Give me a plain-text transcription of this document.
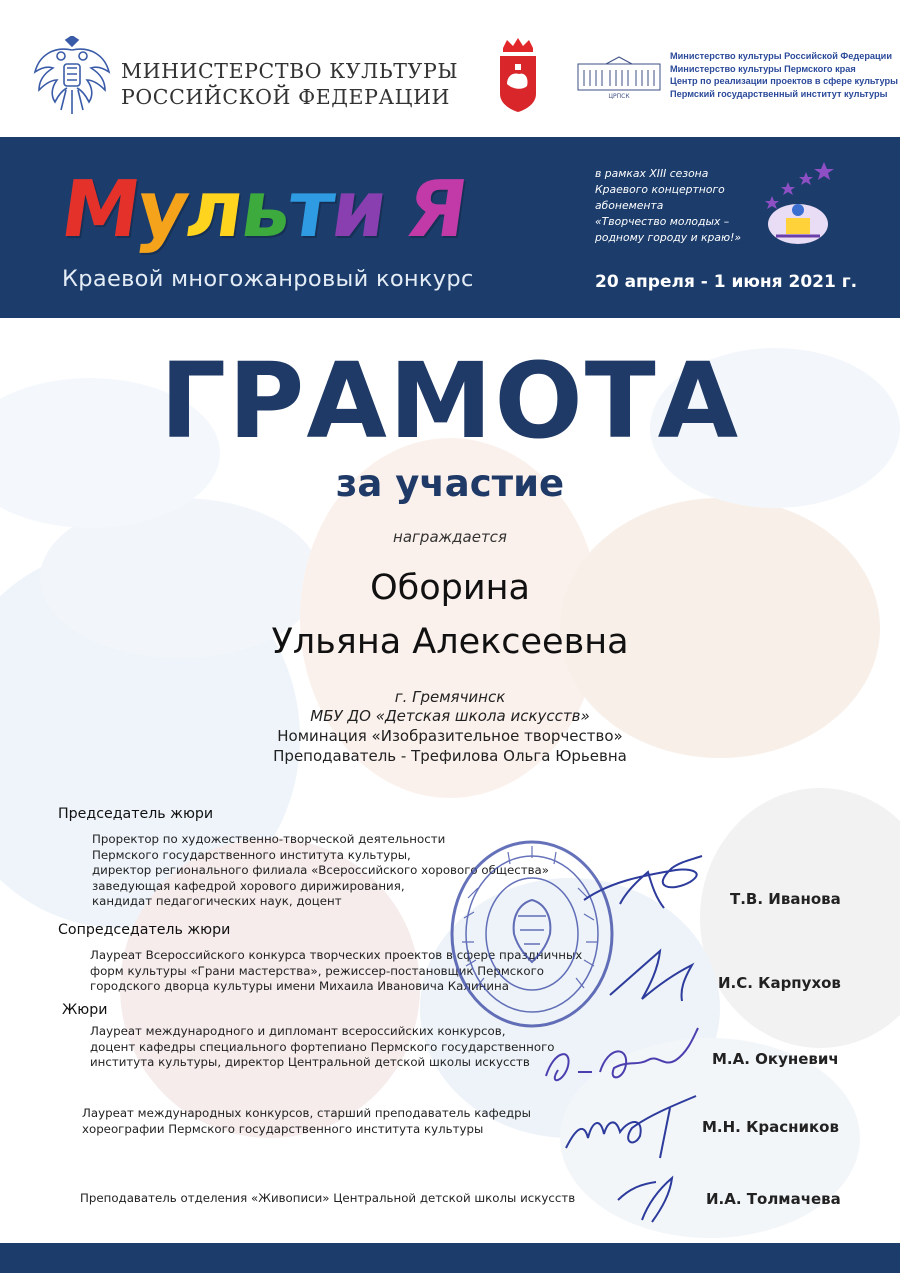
МИНИСТЕРСТВО КУЛЬТУРЫ
РОССИЙСКОЙ ФЕДЕРАЦИИ	ЦРПСК
Министерство культуры Российской Федерации
Министерство культуры Пермского края
Центр по реализации проектов в сфере культуры
Пермский государственный институт культуры
Мульти Я
Краевой многожанровый конкурс
в рамках XIII сезона
Краевого концертного
абонемента
«Творчество молодых –
родному городу и краю!»
20 апреля - 1 июня 2021 г.
ГРАМОТА
за участие
награждается
Оборина
Ульяна Алексеевна
г. Гремячинск
МБУ ДО «Детская школа искусств»
Номинация «Изобразительное творчество»
Преподаватель - Трефилова Ольга Юрьевна
Председатель жюри
Проректор по художественно-творческой деятельности
Пермского государственного института культуры,
директор регионального филиала «Всероссийского хорового общества»
заведующая кафедрой хорового дирижирования,
кандидат педагогических наук, доцент	Т.В. Иванова
Сопредседатель жюри
Лауреат Всероссийского конкурса творческих проектов в сфере праздничных
форм культуры «Грани мастерства», режиссер-постановщик Пермского
городского дворца культуры имени Михаила Ивановича Калинина	И.С. Карпухов
Жюри
Лауреат международного и дипломант всероссийских конкурсов,
доцент кафедры специального фортепиано Пермского государственного
института культуры, директор Центральной детской школы искусств	М.А. Окуневич
Лауреат международных конкурсов, старший преподаватель кафедры
хореографии Пермского государственного института культуры	М.Н. Красников
Преподаватель отделения «Живописи» Центральной детской школы искусств	И.А. Толмачева
